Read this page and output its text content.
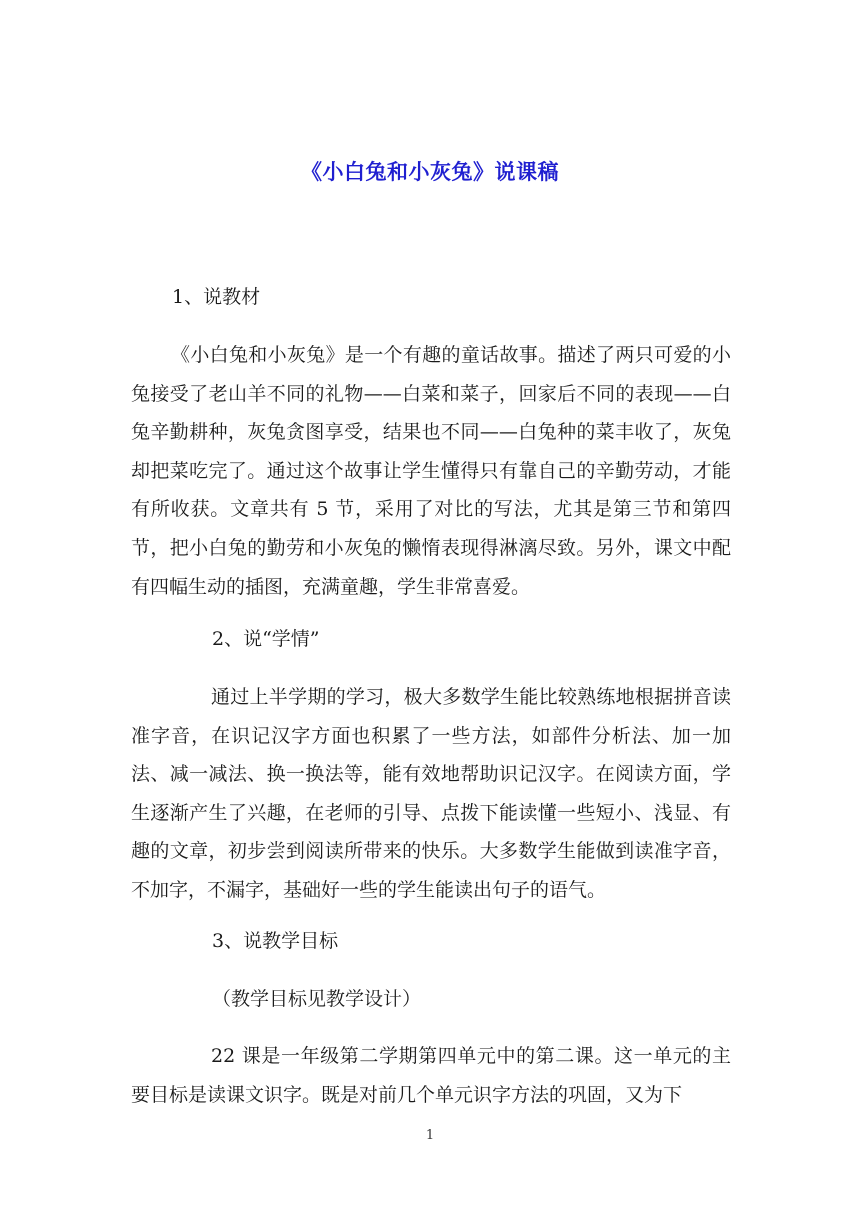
《小白兔和小灰兔》说课稿
1、说教材
《小白兔和小灰兔》是一个有趣的童话故事。描述了两只可爱的小兔接受了老山羊不同的礼物——白菜和菜子，回家后不同的表现——白兔辛勤耕种，灰兔贪图享受，结果也不同——白兔种的菜丰收了，灰兔却把菜吃完了。通过这个故事让学生懂得只有靠自己的辛勤劳动，才能有所收获。文章共有 5 节，采用了对比的写法，尤其是第三节和第四节，把小白兔的勤劳和小灰兔的懒惰表现得淋漓尽致。另外，课文中配有四幅生动的插图，充满童趣，学生非常喜爱。
2、说“学情”
通过上半学期的学习，极大多数学生能比较熟练地根据拼音读准字音，在识记汉字方面也积累了一些方法，如部件分析法、加一加法、减一减法、换一换法等，能有效地帮助识记汉字。在阅读方面，学生逐渐产生了兴趣，在老师的引导、点拨下能读懂一些短小、浅显、有趣的文章，初步尝到阅读所带来的快乐。大多数学生能做到读准字音，不加字，不漏字，基础好一些的学生能读出句子的语气。
3、说教学目标
（教学目标见教学设计）
22 课是一年级第二学期第四单元中的第二课。这一单元的主要目标是读课文识字。既是对前几个单元识字方法的巩固，又为下
1
